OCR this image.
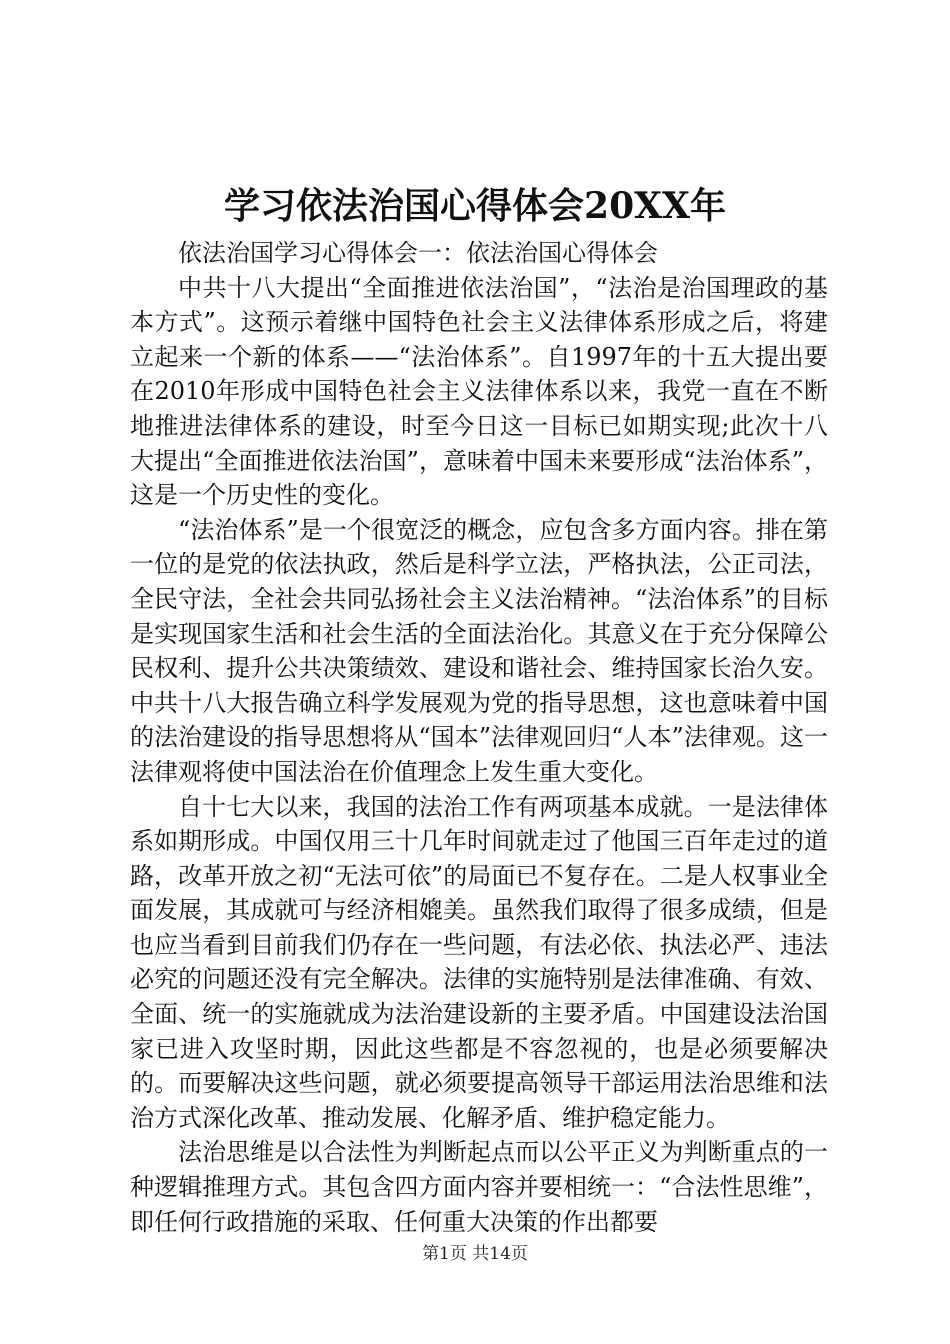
学习依法治国心得体会20XX年

依法治国学习心得体会一：依法治国心得体会

中共十八大提出“全面推进依法治国”，“法治是治国理政的基本方式”。这预示着继中国特色社会主义法律体系形成之后，将建立起来一个新的体系——“法治体系”。自1997年的十五大提出要在2010年形成中国特色社会主义法律体系以来，我党一直在不断地推进法律体系的建设，时至今日这一目标已如期实现;此次十八大提出“全面推进依法治国”，意味着中国未来要形成“法治体系”，这是一个历史性的变化。

“法治体系”是一个很宽泛的概念，应包含多方面内容。排在第一位的是党的依法执政，然后是科学立法，严格执法，公正司法，全民守法，全社会共同弘扬社会主义法治精神。“法治体系”的目标是实现国家生活和社会生活的全面法治化。其意义在于充分保障公民权利、提升公共决策绩效、建设和谐社会、维持国家长治久安。中共十八大报告确立科学发展观为党的指导思想，这也意味着中国的法治建设的指导思想将从“国本”法律观回归“人本”法律观。这一法律观将使中国法治在价值理念上发生重大变化。

自十七大以来，我国的法治工作有两项基本成就。一是法律体系如期形成。中国仅用三十几年时间就走过了他国三百年走过的道路，改革开放之初“无法可依”的局面已不复存在。二是人权事业全面发展，其成就可与经济相媲美。虽然我们取得了很多成绩，但是也应当看到目前我们仍存在一些问题，有法必依、执法必严、违法必究的问题还没有完全解决。法律的实施特别是法律准确、有效、全面、统一的实施就成为法治建设新的主要矛盾。中国建设法治国家已进入攻坚时期，因此这些都是不容忽视的，也是必须要解决的。而要解决这些问题，就必须要提高领导干部运用法治思维和法治方式深化改革、推动发展、化解矛盾、维护稳定能力。

法治思维是以合法性为判断起点而以公平正义为判断重点的一种逻辑推理方式。其包含四方面内容并要相统一：“合法性思维”，即任何行政措施的采取、任何重大决策的作出都要

第1页 共14页
